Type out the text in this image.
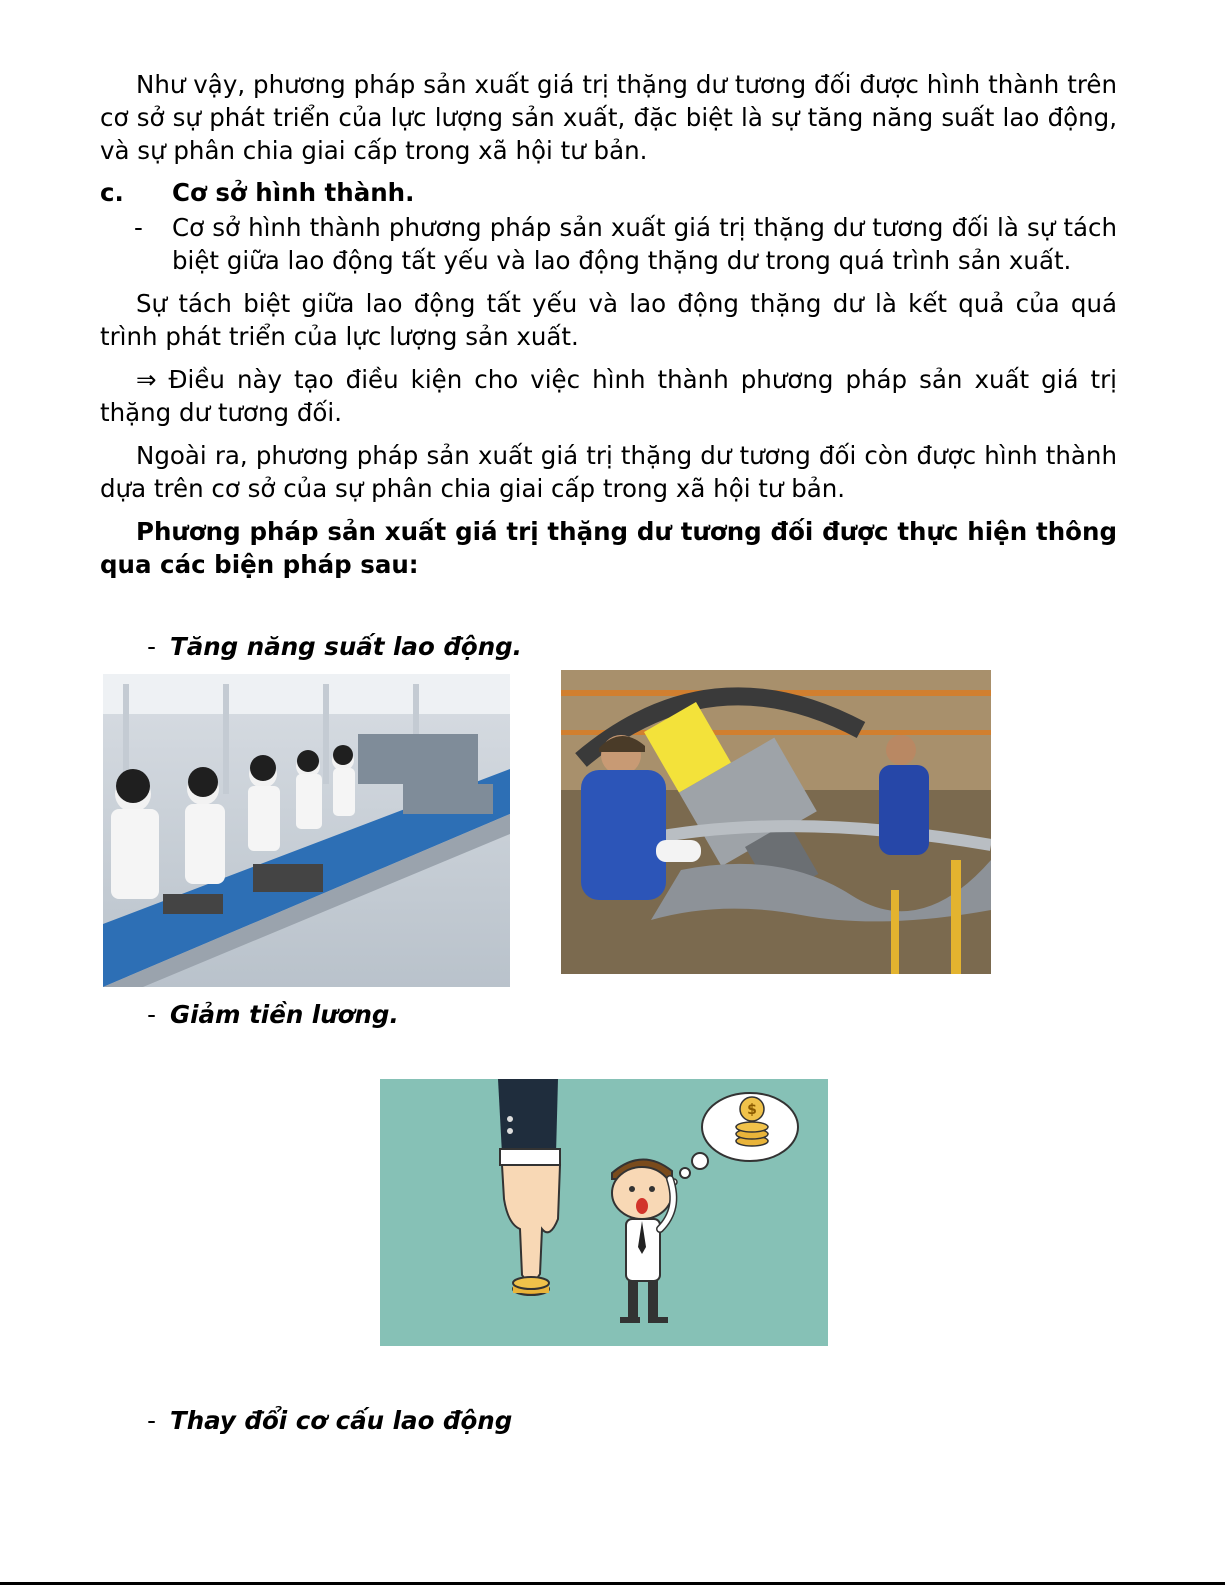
Như vậy, phương pháp sản xuất giá trị thặng dư tương đối được hình thành trên cơ sở sự phát triển của lực lượng sản xuất, đặc biệt là sự tăng năng suất lao động, và sự phân chia giai cấp trong xã hội tư bản.

c.	Cơ sở hình thành.
-	Cơ sở hình thành phương pháp sản xuất giá trị thặng dư tương đối là sự tách biệt giữa lao động tất yếu và lao động thặng dư trong quá trình sản xuất.

Sự tách biệt giữa lao động tất yếu và lao động thặng dư là kết quả của quá trình phát triển của lực lượng sản xuất.

⇒ Điều này tạo điều kiện cho việc hình thành phương pháp sản xuất giá trị thặng dư tương đối.

Ngoài ra, phương pháp sản xuất giá trị thặng dư tương đối còn được hình thành dựa trên cơ sở của sự phân chia giai cấp trong xã hội tư bản.

Phương pháp sản xuất giá trị thặng dư tương đối được thực hiện thông qua các biện pháp sau:

- Tăng năng suất lao động.
- Giảm tiền lương.
$
- Thay đổi cơ cấu lao động
